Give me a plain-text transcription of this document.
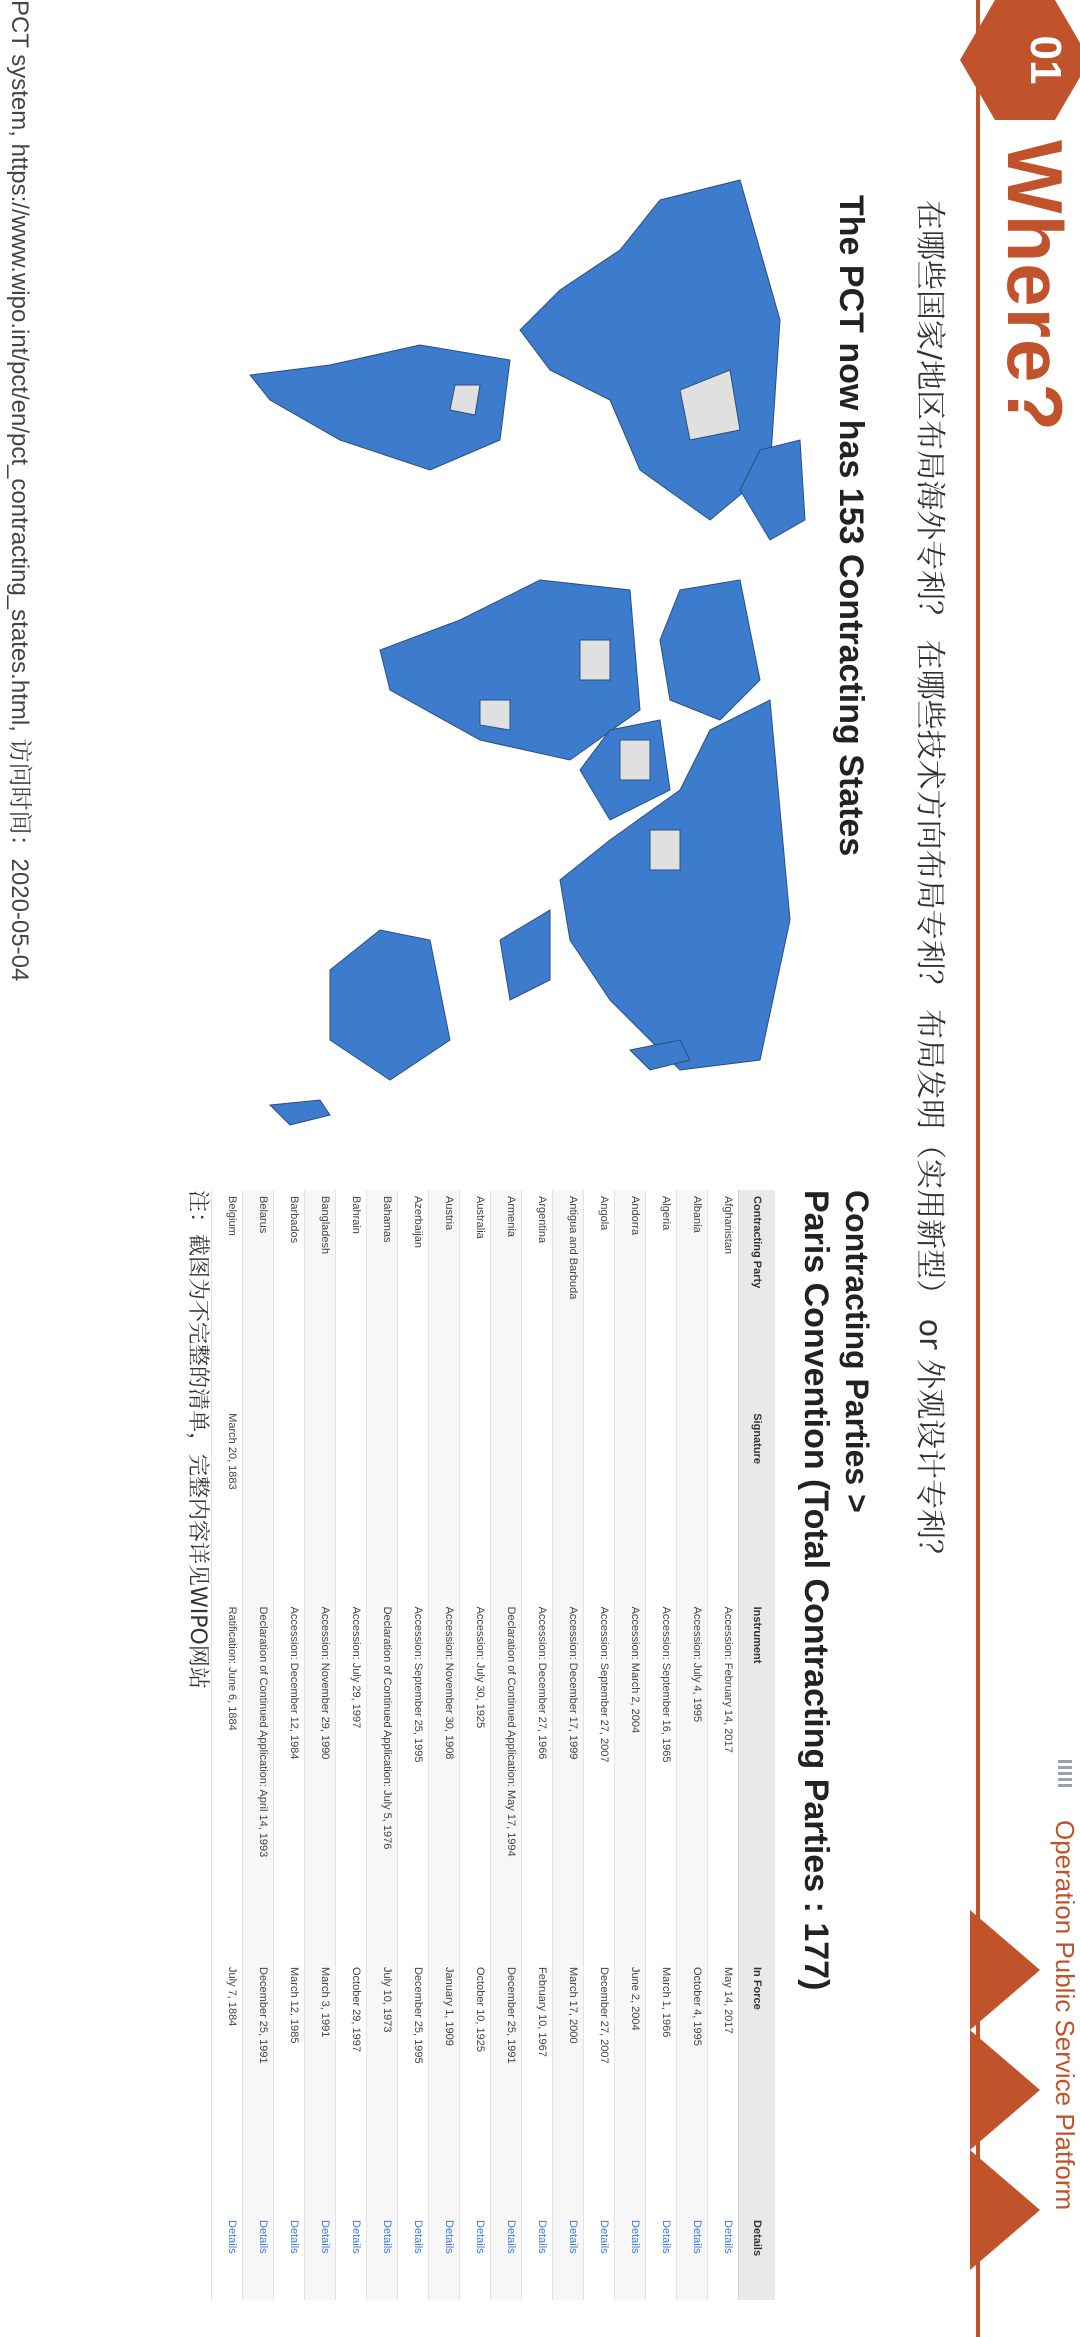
01
Where?
Operation Public Service Platform
在哪些国家/地区布局海外专利？ 在哪些技术方向布局专利？ 布局发明（实用新型） or 外观设计专利？
The PCT now has 153 Contracting States
Contracting Parties >
Paris Convention (Total Contracting Parties : 177)
Contracting Party	Signature	Instrument	In Force	Details
Afghanistan		Accession: February 14, 2017	May 14, 2017	Details
Albania		Accession: July 4, 1995	October 4, 1995	Details
Algeria		Accession: September 16, 1965	March 1, 1966	Details
Andorra		Accession: March 2, 2004	June 2, 2004	Details
Angola		Accession: September 27, 2007	December 27, 2007	Details
Antigua and Barbuda		Accession: December 17, 1999	March 17, 2000	Details
Argentina		Accession: December 27, 1966	February 10, 1967	Details
Armenia		Declaration of Continued Application: May 17, 1994	December 25, 1991	Details
Australia		Accession: July 30, 1925	October 10, 1925	Details
Austria		Accession: November 30, 1908	January 1, 1909	Details
Azerbaijan		Accession: September 25, 1995	December 25, 1995	Details
Bahamas		Declaration of Continued Application: July 5, 1976	July 10, 1973	Details
Bahrain		Accession: July 29, 1997	October 29, 1997	Details
Bangladesh		Accession: November 29, 1990	March 3, 1991	Details
Barbados		Accession: December 12, 1984	March 12, 1985	Details
Belarus		Declaration of Continued Application: April 14, 1993	December 25, 1991	Details
Belgium	March 20, 1883	Ratification: June 6, 1884	July 7, 1884	Details
注：截图为不完整的清单，完整内容详见WIPO网站
PCT system, https://www.wipo.int/pct/en/pct_contracting_states.html, 访问时间：2020-05-04
